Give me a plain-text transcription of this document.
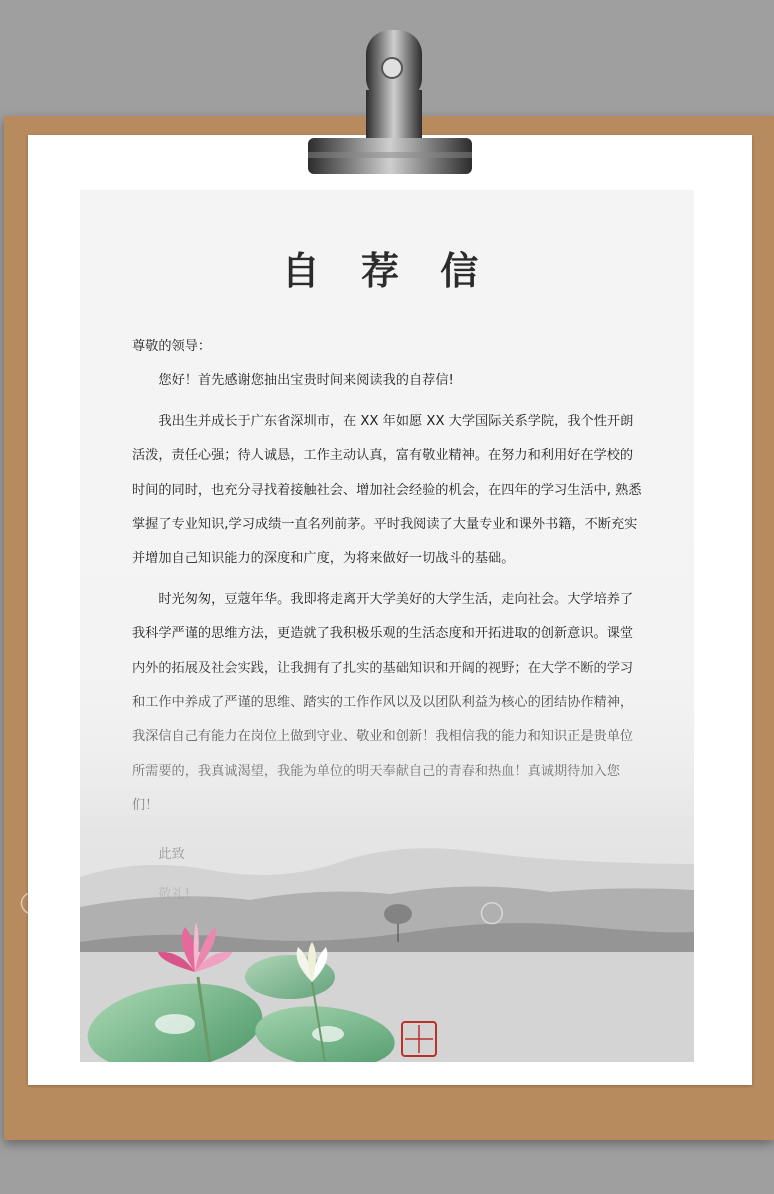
自 荐 信

尊敬的领导：

您好！首先感谢您抽出宝贵时间来阅读我的自荐信!

我出生并成长于广东省深圳市，在 XX 年如愿 XX 大学国际关系学院，我个性开朗活泼，责任心强；待人诚恳，工作主动认真，富有敬业精神。在努力和利用好在学校的时间的同时，也充分寻找着接触社会、增加社会经验的机会，在四年的学习生活中, 熟悉掌握了专业知识,学习成绩一直名列前茅。平时我阅读了大量专业和课外书籍，不断充实并增加自己知识能力的深度和广度，为将来做好一切战斗的基础。

时光匆匆，豆蔻年华。我即将走离开大学美好的大学生活，走向社会。大学培养了我科学严谨的思维方法，更造就了我积极乐观的生活态度和开拓进取的创新意识。课堂

◯	◯
